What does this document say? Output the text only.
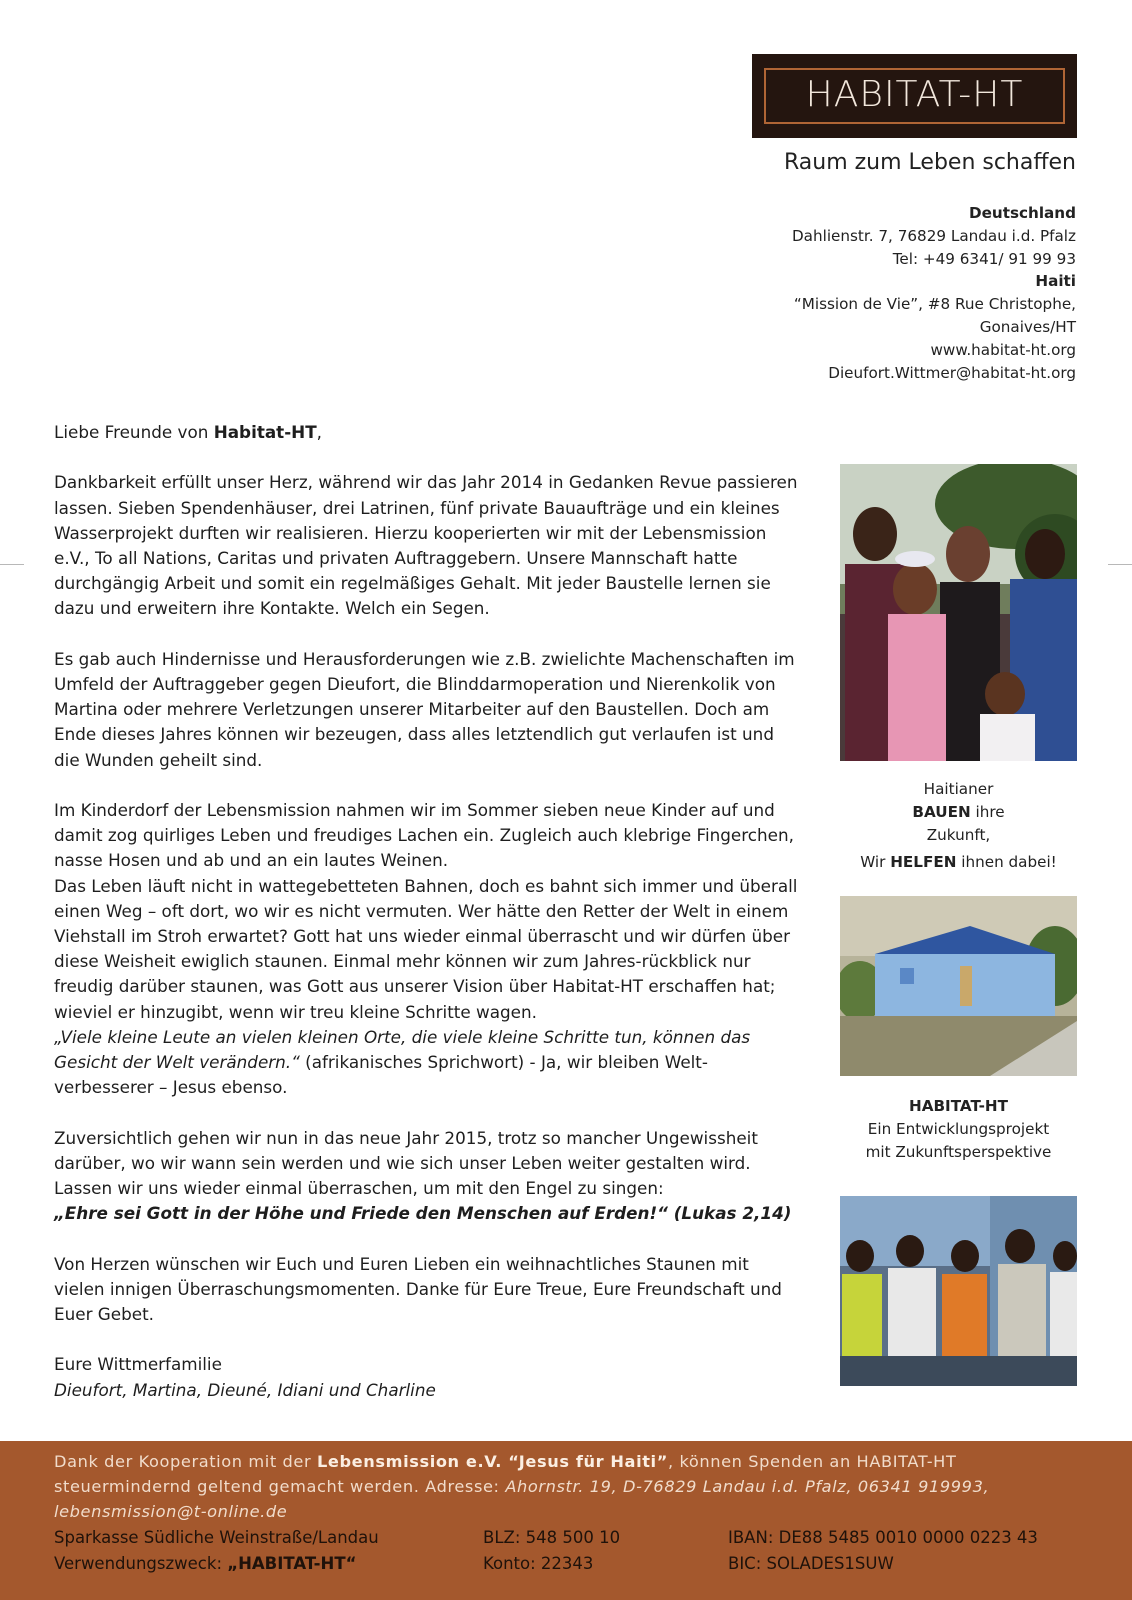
HABITAT-HT
Raum zum Leben schaffen
Deutschland
Dahlienstr. 7, 76829 Landau i.d. Pfalz
Tel: +49 6341/ 91 99 93
Haiti
“Mission de Vie”, #8 Rue Christophe,
Gonaives/HT
www.habitat-ht.org
Dieufort.Wittmer@habitat-ht.org

Liebe Freunde von Habitat-HT,

Dankbarkeit erfüllt unser Herz, während wir das Jahr 2014 in Gedanken Revue passieren lassen. Sieben Spendenhäuser, drei Latrinen, fünf private Bauaufträge und ein kleines Wasserprojekt durften wir realisieren. Hierzu kooperierten wir mit der Lebensmission e.V., To all Nations, Caritas und privaten Auftraggebern. Unsere Mannschaft hatte durchgängig Arbeit und somit ein regelmäßiges Gehalt. Mit jeder Baustelle lernen sie dazu und erweitern ihre Kontakte. Welch ein Segen.

Es gab auch Hindernisse und Herausforderungen wie z.B. zwielichte Machenschaften im Umfeld der Auftraggeber gegen Dieufort, die Blinddarmoperation und Nierenkolik von Martina oder mehrere Verletzungen unserer Mitarbeiter auf den Baustellen. Doch am Ende dieses Jahres können wir bezeugen, dass alles letztendlich gut verlaufen ist und die Wunden geheilt sind.

Im Kinderdorf der Lebensmission nahmen wir im Sommer sieben neue Kinder auf und damit zog quirliges Leben und freudiges Lachen ein. Zugleich auch klebrige Fingerchen, nasse Hosen und ab und an ein lautes Weinen.

Das Leben läuft nicht in wattegebetteten Bahnen, doch es bahnt sich immer und überall einen Weg – oft dort, wo wir es nicht vermuten. Wer hätte den Retter der Welt in einem Viehstall im Stroh erwartet? Gott hat uns wieder einmal überrascht und wir dürfen über diese Weisheit ewiglich staunen. Einmal mehr können wir zum Jahres-rückblick nur freudig darüber staunen, was Gott aus unserer Vision über Habitat-HT erschaffen hat; wieviel er hinzugibt, wenn wir treu kleine Schritte wagen.

„Viele kleine Leute an vielen kleinen Orte, die viele kleine Schritte tun, können das Gesicht der Welt verändern.“ (afrikanisches Sprichwort) - Ja, wir bleiben Welt-verbesserer – Jesus ebenso.

Zuversichtlich gehen wir nun in das neue Jahr 2015, trotz so mancher Ungewissheit darüber, wo wir wann sein werden und wie sich unser Leben weiter gestalten wird. Lassen wir uns wieder einmal überraschen, um mit den Engel zu singen:

„Ehre sei Gott in der Höhe und Friede den Menschen auf Erden!“ (Lukas 2,14)

Von Herzen wünschen wir Euch und Euren Lieben ein weihnachtliches Staunen mit vielen innigen Überraschungsmomenten. Danke für Eure Treue, Eure Freundschaft und Euer Gebet.

Eure Wittmerfamilie

Dieufort, Martina, Dieuné, Idiani und Charline

Haitianer
BAUEN ihre
Zukunft,
Wir HELFEN ihnen dabei!
HABITAT-HT
Ein Entwicklungsprojekt
mit Zukunftsperspektive
Dank der Kooperation mit der Lebensmission e.V. “Jesus für Haiti”, können Spenden an HABITAT-HT steuermindernd geltend gemacht werden. Adresse: Ahornstr. 19, D-76829 Landau i.d. Pfalz, 06341 919993, lebensmission@t-online.de
Sparkasse Südliche Weinstraße/Landau
Verwendungszweck: „HABITAT-HT“
BLZ: 548 500 10
Konto: 22343
IBAN: DE88 5485 0010 0000 0223 43
BIC: SOLADES1SUW
